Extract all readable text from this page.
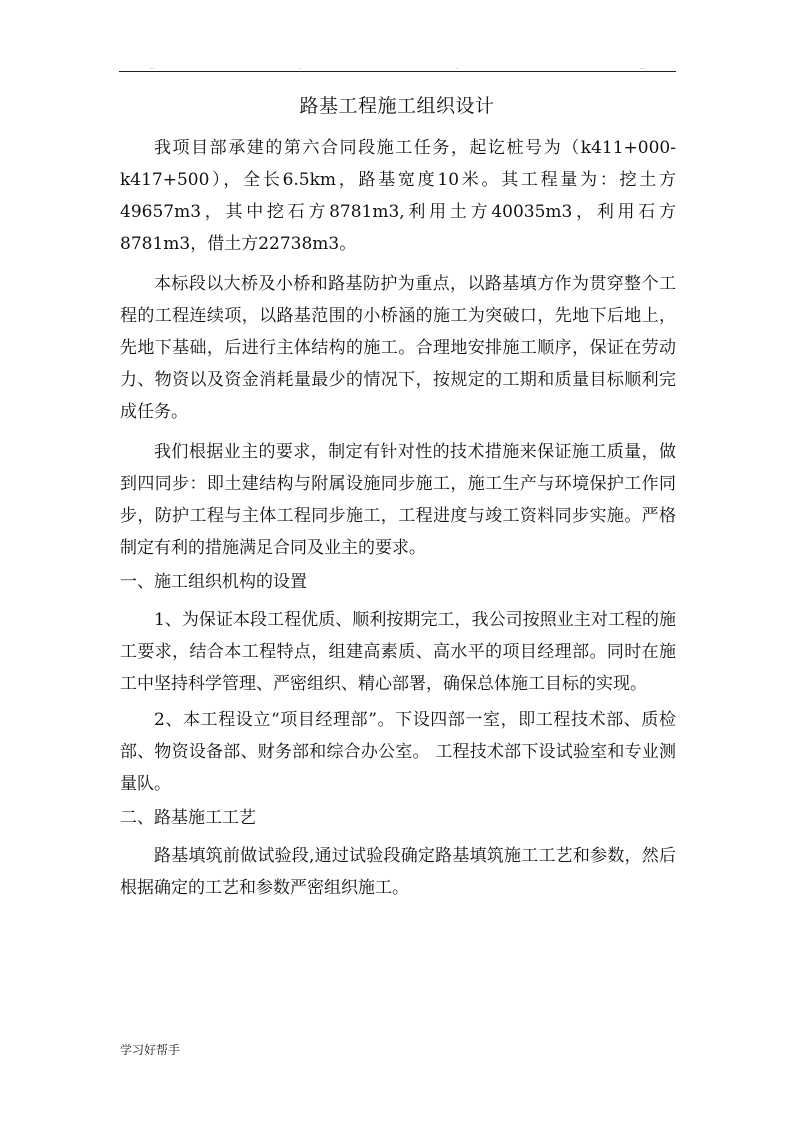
..	.	.	..
路基工程施工组织设计

我项目部承建的第六合同段施工任务，起讫桩号为（k411+000-k417+500），全长6.5km，路基宽度10米。其工程量为：挖土方49657m3，其中挖石方8781m3,利用土方40035m3，利用石方8781m3，借土方22738m3。

本标段以大桥及小桥和路基防护为重点，以路基填方作为贯穿整个工程的工程连续项，以路基范围的小桥涵的施工为突破口，先地下后地上，先地下基础，后进行主体结构的施工。合理地安排施工顺序，保证在劳动力、物资以及资金消耗量最少的情况下，按规定的工期和质量目标顺利完成任务。

我们根据业主的要求，制定有针对性的技术措施来保证施工质量，做到四同步：即土建结构与附属设施同步施工，施工生产与环境保护工作同步，防护工程与主体工程同步施工，工程进度与竣工资料同步实施。严格制定有利的措施满足合同及业主的要求。

一、施工组织机构的设置

1、为保证本段工程优质、顺利按期完工，我公司按照业主对工程的施工要求，结合本工程特点，组建高素质、高水平的项目经理部。同时在施工中坚持科学管理、严密组织、精心部署，确保总体施工目标的实现。

2、本工程设立“项目经理部”。下设四部一室，即工程技术部、质检部、物资设备部、财务部和综合办公室。 工程技术部下设试验室和专业测量队。

二、路基施工工艺

路基填筑前做试验段,通过试验段确定路基填筑施工工艺和参数，然后根据确定的工艺和参数严密组织施工。

学习好帮手
